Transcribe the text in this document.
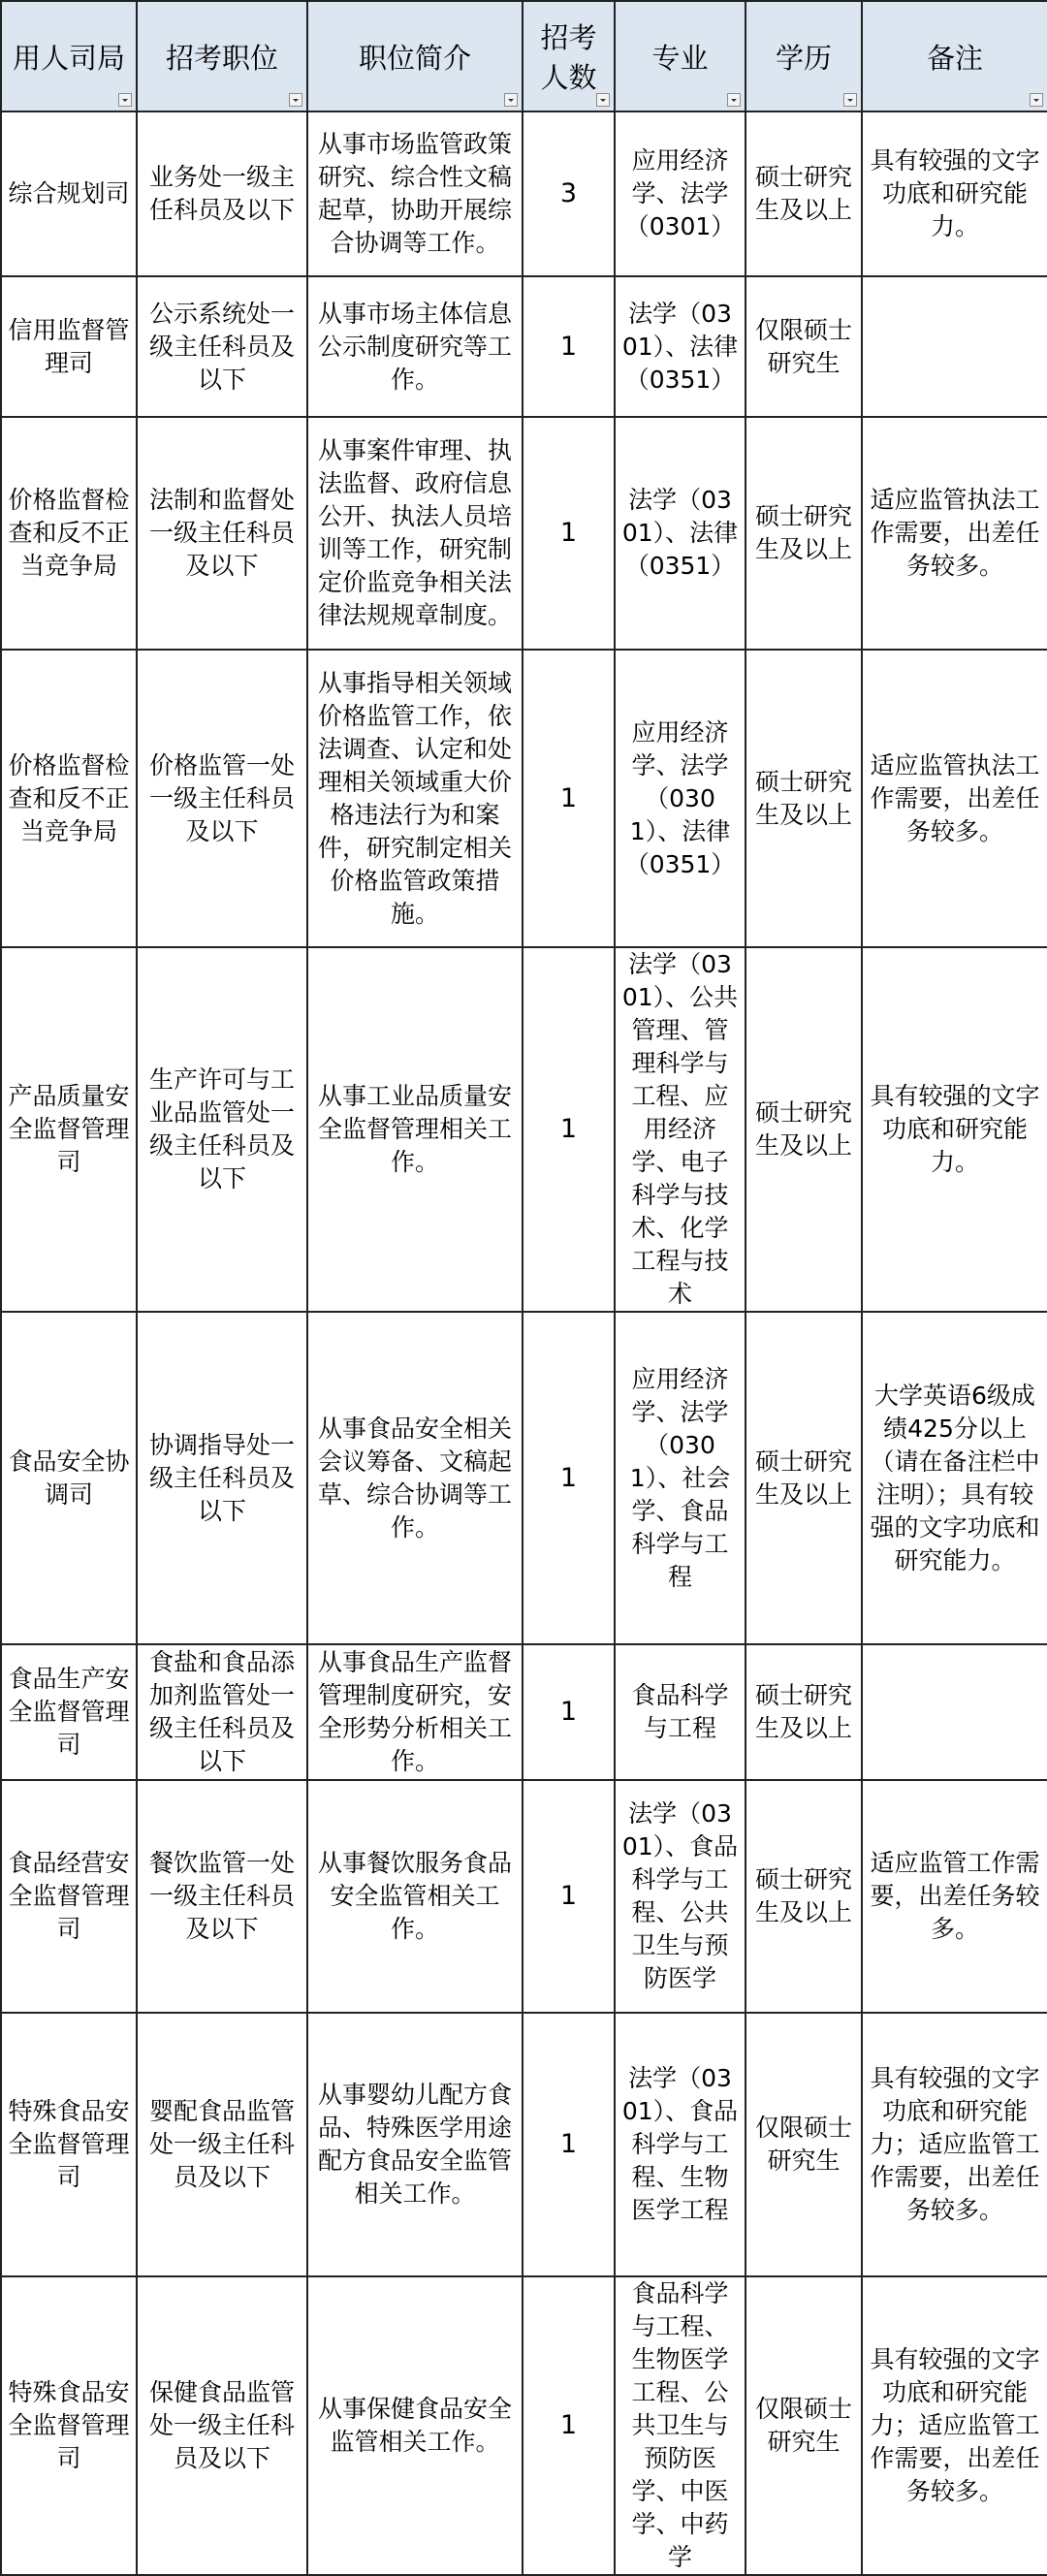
用人司局	招考职位	职位简介	招考人数	专业	学历	备注

综合规划司	业务处一级主任科员及以下	从事市场监管政策研究、综合性文稿起草，协助开展综合协调等工作。	3	应用经济学、法学（0301）	硕士研究生及以上	具有较强的文字功底和研究能力。
信用监督管理司	公示系统处一级主任科员及以下	从事市场主体信息公示制度研究等工作。	1	法学（0301）、法律（0351）	仅限硕士研究生	
价格监督检查和反不正当竞争局	法制和监督处一级主任科员及以下	从事案件审理、执法监督、政府信息公开、执法人员培训等工作，研究制定价监竞争相关法律法规规章制度。	1	法学（0301）、法律（0351）	硕士研究生及以上	适应监管执法工作需要，出差任务较多。
价格监督检查和反不正当竞争局	价格监管一处一级主任科员及以下	从事指导相关领域价格监管工作，依法调查、认定和处理相关领域重大价格违法行为和案件，研究制定相关价格监管政策措施。	1	应用经济学、法学（0301）、法律（0351）	硕士研究生及以上	适应监管执法工作需要，出差任务较多。
产品质量安全监督管理司	生产许可与工业品监管处一级主任科员及以下	从事工业品质量安全监督管理相关工作。	1	法学（0301）、公共管理、管理科学与工程、应用经济学、电子科学与技术、化学工程与技术	硕士研究生及以上	具有较强的文字功底和研究能力。
食品安全协调司	协调指导处一级主任科员及以下	从事食品安全相关会议筹备、文稿起草、综合协调等工作。	1	应用经济学、法学（0301）、社会学、食品科学与工程	硕士研究生及以上	大学英语6级成绩425分以上（请在备注栏中注明）；具有较强的文字功底和研究能力。
食品生产安全监督管理司	食盐和食品添加剂监管处一级主任科员及以下	从事食品生产监督管理制度研究，安全形势分析相关工作。	1	食品科学与工程	硕士研究生及以上	
食品经营安全监督管理司	餐饮监管一处一级主任科员及以下	从事餐饮服务食品安全监管相关工作。	1	法学（0301）、食品科学与工程、公共卫生与预防医学	硕士研究生及以上	适应监管工作需要，出差任务较多。
特殊食品安全监督管理司	婴配食品监管处一级主任科员及以下	从事婴幼儿配方食品、特殊医学用途配方食品安全监管相关工作。	1	法学（0301）、食品科学与工程、生物医学工程	仅限硕士研究生	具有较强的文字功底和研究能力；适应监管工作需要，出差任务较多。
特殊食品安全监督管理司	保健食品监管处一级主任科员及以下	从事保健食品安全监管相关工作。	1	食品科学与工程、生物医学工程、公共卫生与预防医学、中医学、中药学	仅限硕士研究生	具有较强的文字功底和研究能力；适应监管工作需要，出差任务较多。
